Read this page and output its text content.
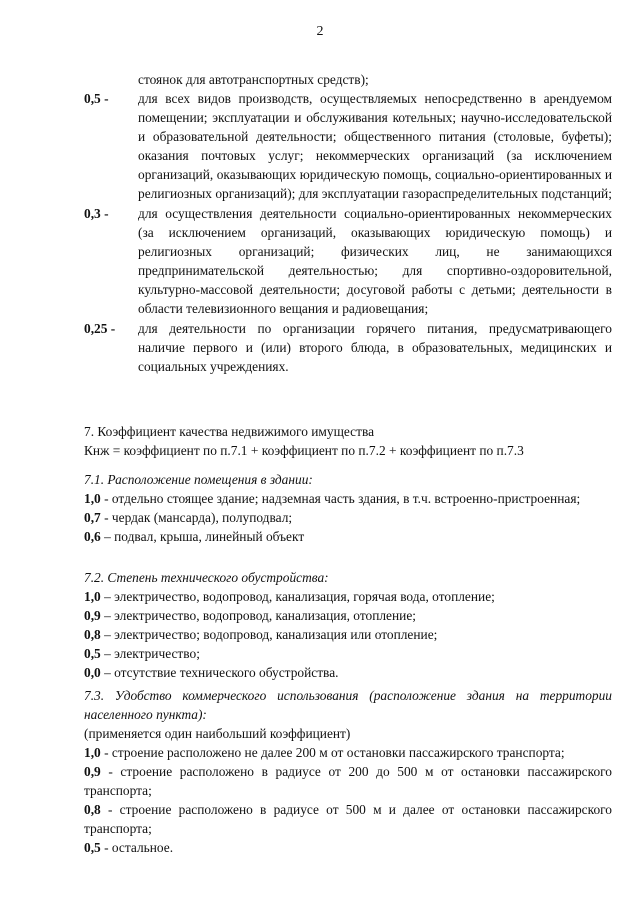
2
стоянок для автотранспортных средств);
0,5 -	для всех видов производств, осуществляемых непосредственно в арендуемом помещении; эксплуатации и обслуживания котельных; научно-исследовательской и образовательной деятельности; общественного питания (столовые, буфеты); оказания почтовых услуг; некоммерческих организаций (за исключением организаций, оказывающих юридическую помощь, социально-ориентированных и религиозных организаций); для эксплуатации газораспределительных подстанций;
0,3 -	для осуществления деятельности социально-ориентированных некоммерческих (за исключением организаций, оказывающих юридическую помощь) и религиозных организаций; физических лиц, не занимающихся предпринимательской деятельностью; для спортивно-оздоровительной, культурно-массовой деятельности; досуговой работы с детьми; деятельности в области телевизионного вещания и радиовещания;
0,25 -	для деятельности по организации горячего питания, предусматривающего наличие первого и (или) второго блюда, в образовательных, медицинских и социальных учреждениях.
7. Коэффициент качества недвижимого имущества
Кнж = коэффициент по п.7.1 + коэффициент по п.7.2 + коэффициент по п.7.3
7.1. Расположение помещения в здании:
1,0 - отдельно стоящее здание; надземная часть здания, в т.ч. встроенно-пристроенная;
0,7 - чердак (мансарда), полуподвал;
0,6 – подвал, крыша, линейный объект
7.2. Степень технического обустройства:
1,0 – электричество, водопровод, канализация, горячая вода, отопление;
0,9 – электричество, водопровод, канализация, отопление;
0,8 – электричество; водопровод, канализация или отопление;
0,5 – электричество;
0,0 – отсутствие технического обустройства.
7.3. Удобство коммерческого использования (расположение здания на территории населенного пункта):
(применяется один наибольший коэффициент)
1,0 - строение расположено не далее 200 м от остановки пассажирского транспорта;
0,9 - строение расположено в радиусе от 200 до 500 м от остановки пассажирского транспорта;
0,8 - строение расположено в радиусе от 500 м и далее от остановки пассажирского транспорта;
0,5 - остальное.
